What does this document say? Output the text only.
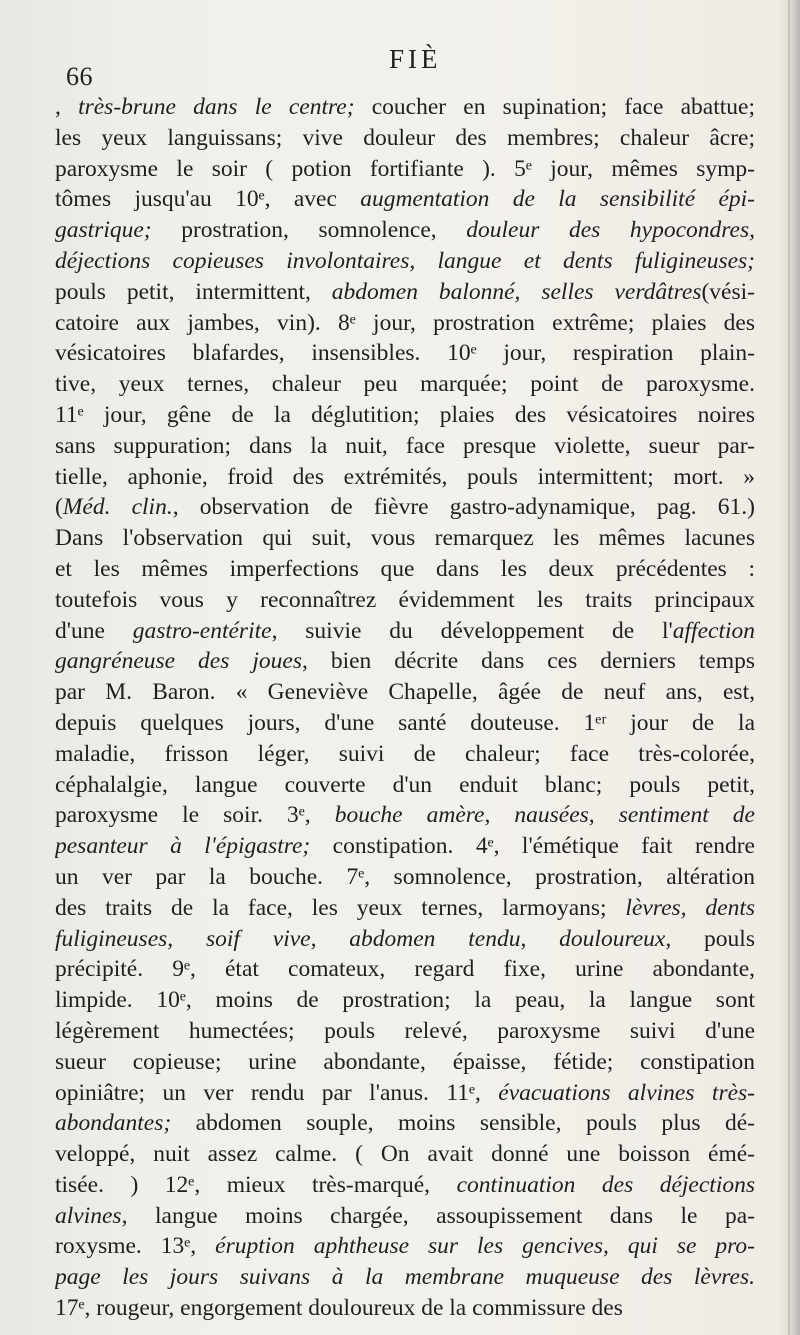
66
FIÈ
, très-brune dans le centre; coucher en supination; face abattue;
les yeux languissans; vive douleur des membres; chaleur âcre;
paroxysme le soir ( potion fortifiante ). 5ᵉ jour, mêmes symp-
tômes jusqu'au 10ᵉ, avec augmentation de la sensibilité épi-
gastrique; prostration, somnolence, douleur des hypocondres,
déjections copieuses involontaires, langue et dents fuligineuses;
pouls petit, intermittent, abdomen balonné, selles verdâtres(vési-
catoire aux jambes, vin). 8ᵉ jour, prostration extrême; plaies des
vésicatoires blafardes, insensibles. 10ᵉ jour, respiration plain-
tive, yeux ternes, chaleur peu marquée; point de paroxysme.
11ᵉ jour, gêne de la déglutition; plaies des vésicatoires noires
sans suppuration; dans la nuit, face presque violette, sueur par-
tielle, aphonie, froid des extrémités, pouls intermittent; mort. »
(Méd. clin., observation de fièvre gastro-adynamique, pag. 61.)
Dans l'observation qui suit, vous remarquez les mêmes lacunes
et les mêmes imperfections que dans les deux précédentes :
toutefois vous y reconnaîtrez évidemment les traits principaux
d'une gastro-entérite, suivie du développement de l'affection
gangréneuse des joues, bien décrite dans ces derniers temps
par M. Baron. « Geneviève Chapelle, âgée de neuf ans, est,
depuis quelques jours, d'une santé douteuse. 1ᵉʳ jour de la
maladie, frisson léger, suivi de chaleur; face très-colorée,
céphalalgie, langue couverte d'un enduit blanc; pouls petit,
paroxysme le soir. 3ᵉ, bouche amère, nausées, sentiment de
pesanteur à l'épigastre; constipation. 4ᵉ, l'émétique fait rendre
un ver par la bouche. 7ᵉ, somnolence, prostration, altération
des traits de la face, les yeux ternes, larmoyans; lèvres, dents
fuligineuses, soif vive, abdomen tendu, douloureux, pouls
précipité. 9ᵉ, état comateux, regard fixe, urine abondante,
limpide. 10ᵉ, moins de prostration; la peau, la langue sont
légèrement humectées; pouls relevé, paroxysme suivi d'une
sueur copieuse; urine abondante, épaisse, fétide; constipation
opiniâtre; un ver rendu par l'anus. 11ᵉ, évacuations alvines très-
abondantes; abdomen souple, moins sensible, pouls plus dé-
veloppé, nuit assez calme. ( On avait donné une boisson émé-
tisée. ) 12ᵉ, mieux très-marqué, continuation des déjections
alvines, langue moins chargée, assoupissement dans le pa-
roxysme. 13ᵉ, éruption aphtheuse sur les gencives, qui se pro-
page les jours suivans à la membrane muqueuse des lèvres.
17ᵉ, rougeur, engorgement douloureux de la commissure des
